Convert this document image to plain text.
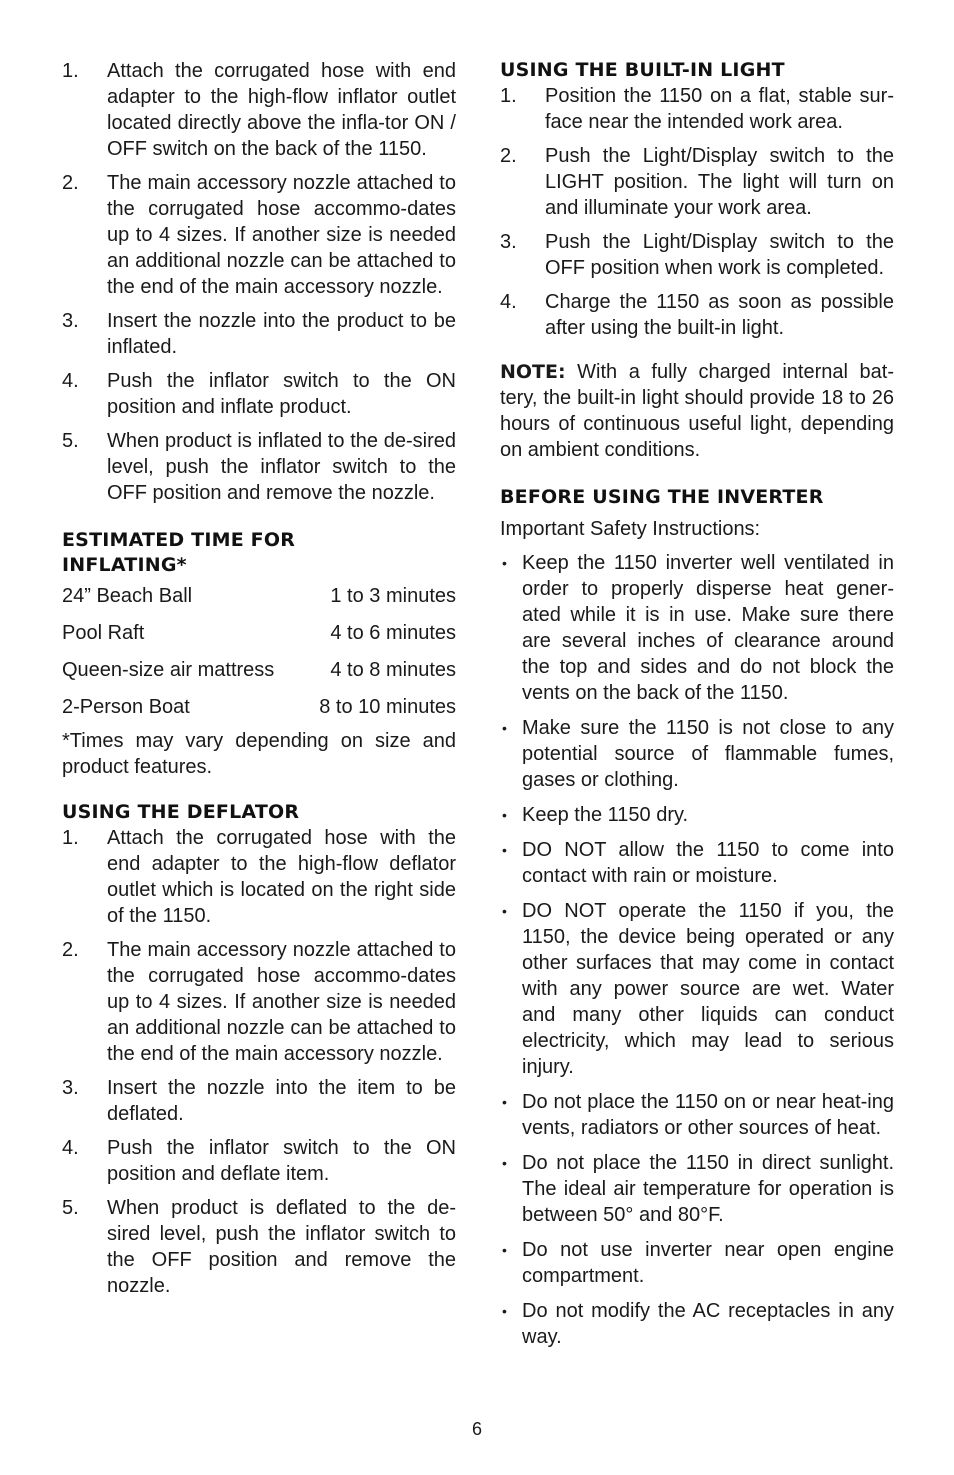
1.	Attach the corrugated hose with end adapter to the high-flow inflator outlet located directly above the infla-tor ON / OFF switch on the back of the 1150.
2.	The main accessory nozzle attached to the corrugated hose accommo-dates up to 4 sizes. If another size is needed an additional nozzle can be attached to the end of the main accessory nozzle.
3.	Insert the nozzle into the product to be inflated.
4.	Push the inflator switch to the ON position and inflate product.
5.	When product is inflated to the de-sired level, push the inflator switch to the OFF position and remove the nozzle.
ESTIMATED TIME FOR
INFLATING*
24” Beach Ball	1 to 3 minutes
Pool Raft	4 to 6 minutes
Queen-size air mattress	4 to 8 minutes
2-Person Boat	8 to 10 minutes

*Times may vary depending on size and product features.

USING THE DEFLATOR
1.	Attach the corrugated hose with the end adapter to the high-flow deflator outlet which is located on the right side of the 1150.
2.	The main accessory nozzle attached to the corrugated hose accommo-dates up to 4 sizes. If another size is needed an additional nozzle can be attached to the end of the main accessory nozzle.
3.	Insert the nozzle into the item to be deflated.
4.	Push the inflator switch to the ON position and deflate item.
5.	When product is deflated to the de-sired level, push the inflator switch to the OFF position and remove the nozzle.
USING THE BUILT-IN LIGHT
1.	Position the 1150 on a flat, stable sur-face near the intended work area.
2.	Push the Light/Display switch to the LIGHT position. The light will turn on and illuminate your work area.
3.	Push the Light/Display switch to the OFF position when work is completed.
4.	Charge the 1150 as soon as possible after using the built-in light.

NOTE: With a fully charged internal bat-tery, the built-in light should provide 18 to 26 hours of continuous useful light, depending on ambient conditions.

BEFORE USING THE INVERTER

Important Safety Instructions:

• Keep the 1150 inverter well ventilated in order to properly disperse heat gener-ated while it is in use. Make sure there are several inches of clearance around the top and sides and do not block the vents on the back of the 1150.
• Make sure the 1150 is not close to any potential source of flammable fumes, gases or clothing.
• Keep the 1150 dry.
• DO NOT allow the 1150 to come into contact with rain or moisture.
• DO NOT operate the 1150 if you, the 1150, the device being operated or any other surfaces that may come in contact with any power source are wet. Water and many other liquids can conduct electricity, which may lead to serious injury.
• Do not place the 1150 on or near heat-ing vents, radiators or other sources of heat.
• Do not place the 1150 in direct sunlight. The ideal air temperature for operation is between 50° and 80°F.
• Do not use inverter near open engine compartment.
• Do not modify the AC receptacles in any way.
6
